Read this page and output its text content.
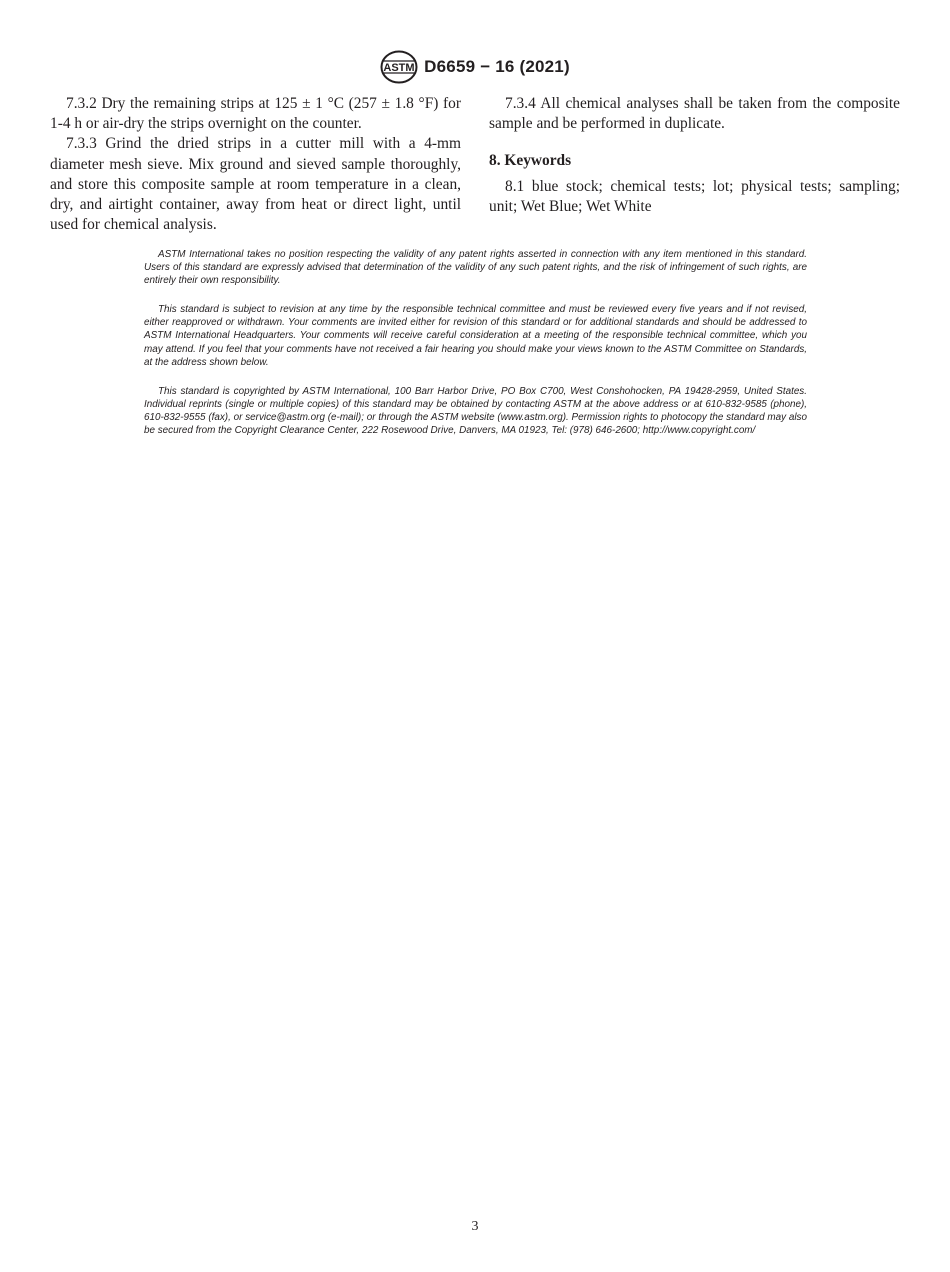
ASTM D6659 − 16 (2021)

7.3.2 Dry the remaining strips at 125 ± 1 °C (257 ± 1.8 °F) for 1-4 h or air-dry the strips overnight on the counter.

7.3.3 Grind the dried strips in a cutter mill with a 4-mm diameter mesh sieve. Mix ground and sieved sample thoroughly, and store this composite sample at room temperature in a clean, dry, and airtight container, away from heat or direct light, until used for chemical analysis.

7.3.4 All chemical analyses shall be taken from the composite sample and be performed in duplicate.

8. Keywords

8.1 blue stock; chemical tests; lot; physical tests; sampling; unit; Wet Blue; Wet White

ASTM International takes no position respecting the validity of any patent rights asserted in connection with any item mentioned in this standard. Users of this standard are expressly advised that determination of the validity of any such patent rights, and the risk of infringement of such rights, are entirely their own responsibility.

This standard is subject to revision at any time by the responsible technical committee and must be reviewed every five years and if not revised, either reapproved or withdrawn. Your comments are invited either for revision of this standard or for additional standards and should be addressed to ASTM International Headquarters. Your comments will receive careful consideration at a meeting of the responsible technical committee, which you may attend. If you feel that your comments have not received a fair hearing you should make your views known to the ASTM Committee on Standards, at the address shown below.

This standard is copyrighted by ASTM International, 100 Barr Harbor Drive, PO Box C700, West Conshohocken, PA 19428-2959, United States. Individual reprints (single or multiple copies) of this standard may be obtained by contacting ASTM at the above address or at 610-832-9585 (phone), 610-832-9555 (fax), or service@astm.org (e-mail); or through the ASTM website (www.astm.org). Permission rights to photocopy the standard may also be secured from the Copyright Clearance Center, 222 Rosewood Drive, Danvers, MA 01923, Tel: (978) 646-2600; http://www.copyright.com/

3
